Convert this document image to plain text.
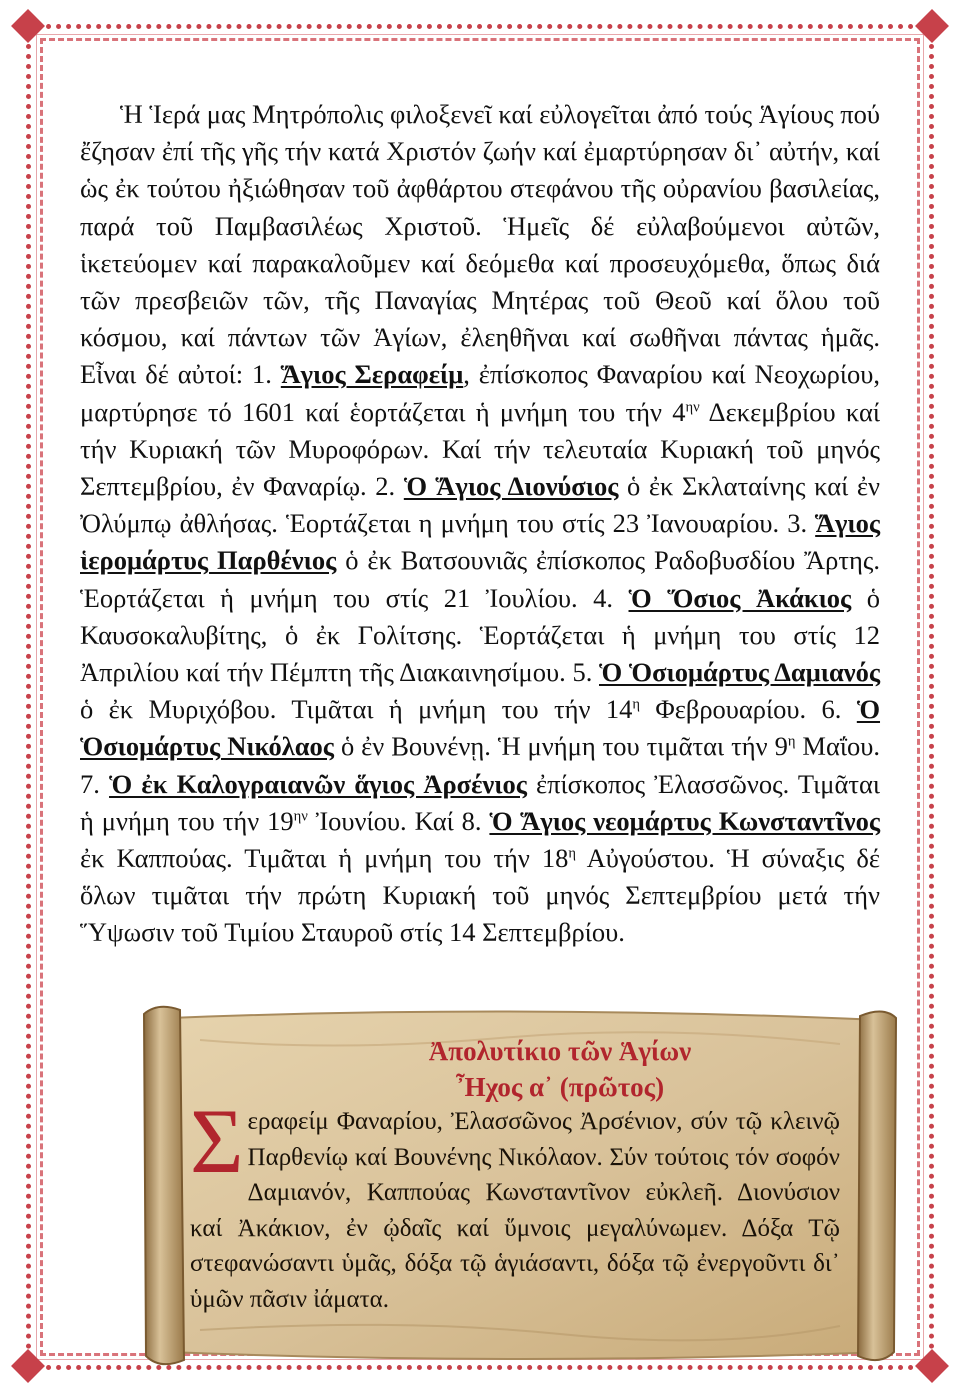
Ἡ Ἱερά μας Μητρόπολις φιλοξενεῖ καί εὐλογεῖται ἀπό τούς Ἁγίους πού ἔζησαν ἐπί τῆς γῆς τήν κατά Χριστόν ζωήν καί ἐμαρτύρησαν δι᾽ αὐτήν, καί ὡς ἐκ τούτου ἠξιώθησαν τοῦ ἀφθάρτου στεφάνου τῆς οὐρανίου βασιλείας, παρά τοῦ Παμβασιλέως Χριστοῦ. Ἡμεῖς δέ εὐλαβούμενοι αὐτῶν, ἱκετεύομεν καί παρακαλοῦμεν καί δεόμεθα καί προσευχόμεθα, ὅπως διά τῶν πρεσβειῶν τῶν, τῆς Παναγίας Μητέρας τοῦ Θεοῦ καί ὅλου τοῦ κόσμου, καί πάντων τῶν Ἁγίων, ἐλεηθῆναι καί σωθῆναι πάντας ἡμᾶς. Εἶναι δέ αὐτοί: 1. Ἅγιος Σεραφείμ, ἐπίσκοπος Φαναρίου καί Νεοχωρίου, μαρτύρησε τό 1601 καί ἑορτάζεται ἡ μνήμη του τήν $4^{\eta\nu}$ Δεκεμβρίου καί τήν Κυριακή τῶν Μυροφόρων. Καί τήν τελευταία Κυριακή τοῦ μηνός Σεπτεμβρίου, ἐν Φαναρίῳ. 2. Ὁ Ἅγιος Διονύσιος ὁ ἐκ Σκλαταίνης καί ἐν Ὀλύμπῳ ἀθλήσας. Ἑορτάζεται η μνήμη του στίς 23 Ἰανουαρίου. 3. Ἅγιος ἱερομάρτυς Παρθένιος ὁ ἐκ Βατσουνιᾶς ἐπίσκοπος Ραδοβυσδίου Ἄρτης. Ἑορτάζεται ἡ μνήμη του στίς 21 Ἰουλίου. 4. Ὁ Ὅσιος Ἀκάκιος ὁ Καυσοκαλυβίτης, ὁ ἐκ Γολίτσης. Ἑορτάζεται ἡ μνήμη του στίς 12 Ἀπριλίου καί τήν Πέμπτη τῆς Διακαινησίμου. 5. Ὁ Ὁσιομάρτυς Δαμιανός ὁ ἐκ Μυριχόβου. Τιμᾶται ἡ μνήμη του τήν $14^\eta$ Φεβρουαρίου. 6. Ὁ Ὁσιομάρτυς Νικόλαος ὁ ἐν Βουνένῃ. Ἡ μνήμη του τιμᾶται τήν $9^\eta$ Μαΐου. 7. Ὁ ἐκ Καλογραιανῶν ἅγιος Ἀρσένιος ἐπίσκοπος Ἐλασσῶνος. Τιμᾶται ἡ μνήμη του τήν $19^{\eta\nu}$ Ἰουνίου. Καί 8. Ὁ Ἅγιος νεομάρτυς Κωνσταντῖνος ἐκ Καππούας. Τιμᾶται ἡ μνήμη του τήν $18^\eta$ Αὐγούστου. Ἡ σύναξις δέ ὅλων τιμᾶται τήν πρώτη Κυριακή τοῦ μηνός Σεπτεμβρίου μετά τήν Ὕψωσιν τοῦ Τιμίου Σταυροῦ στίς 14 Σεπτεμβρίου.

Ἀπολυτίκιο τῶν Ἁγίων
Ἦχος α᾽ (πρῶτος)
Σεραφείμ Φαναρίου, Ἐλασσῶνος Ἀρσένιον, σύν τῷ κλεινῷ Παρθενίῳ καί Βουνένης Νικόλαον. Σύν τούτοις τόν σοφόν Δαμιανόν, Καππούας Κωνσταντῖνον εὐκλεῆ. Διονύσιον καί Ἀκάκιον, ἐν ᾠδαῖς καί ὕμνοις μεγαλύνωμεν. Δόξα Τῷ στεφανώσαντι ὑμᾶς, δόξα τῷ ἁγιάσαντι, δόξα τῷ ἐνεργοῦντι δι᾽ ὑμῶν πᾶσιν ἰάματα.
